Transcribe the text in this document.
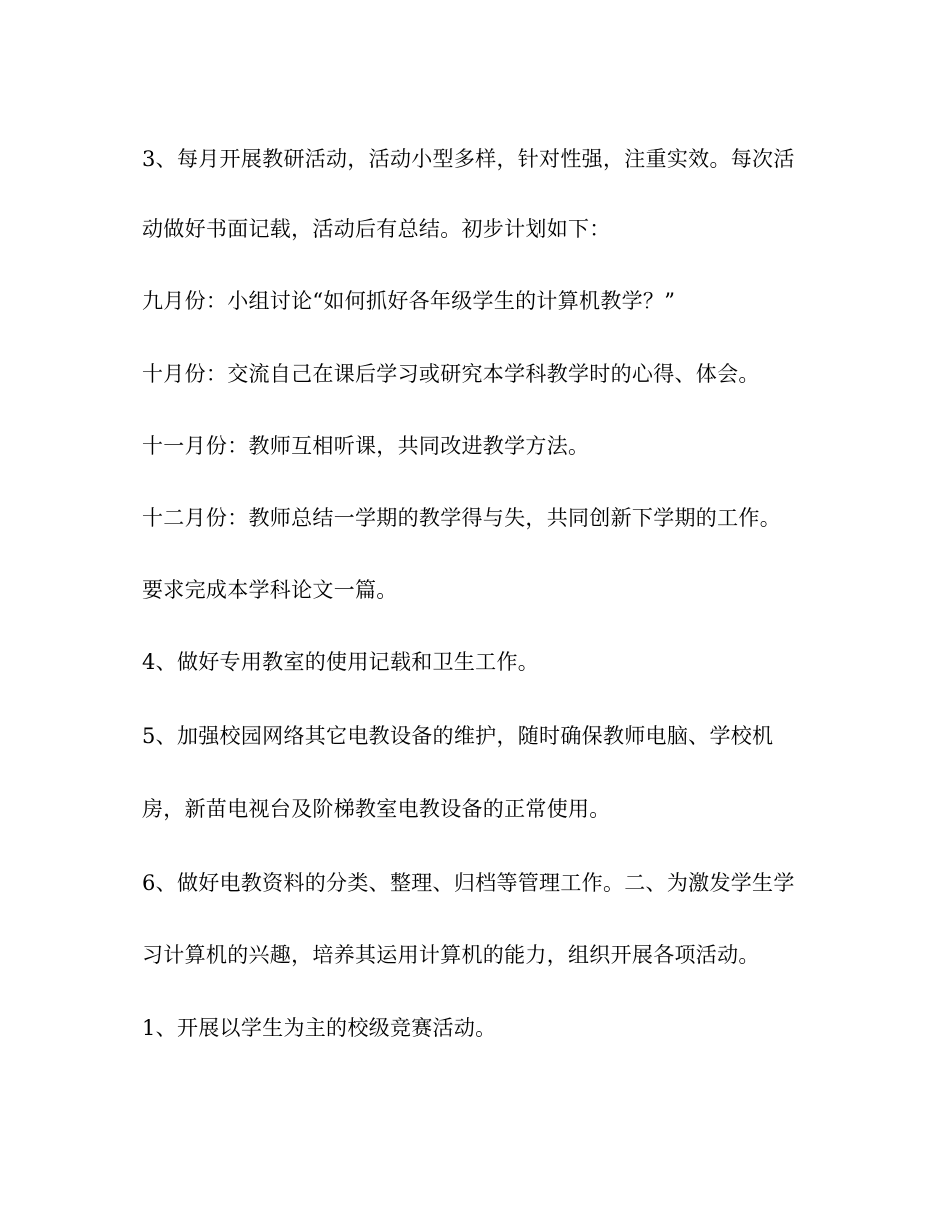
3、每月开展教研活动，活动小型多样，针对性强，注重实效。每次活

动做好书面记载，活动后有总结。初步计划如下：

九月份：小组讨论“如何抓好各年级学生的计算机教学？”

十月份：交流自己在课后学习或研究本学科教学时的心得、体会。

十一月份：教师互相听课，共同改进教学方法。

十二月份：教师总结一学期的教学得与失，共同创新下学期的工作。

要求完成本学科论文一篇。

4、做好专用教室的使用记载和卫生工作。

5、加强校园网络其它电教设备的维护，随时确保教师电脑、学校机

房，新苗电视台及阶梯教室电教设备的正常使用。

6、做好电教资料的分类、整理、归档等管理工作。二、为激发学生学

习计算机的兴趣，培养其运用计算机的能力，组织开展各项活动。

1、开展以学生为主的校级竞赛活动。
